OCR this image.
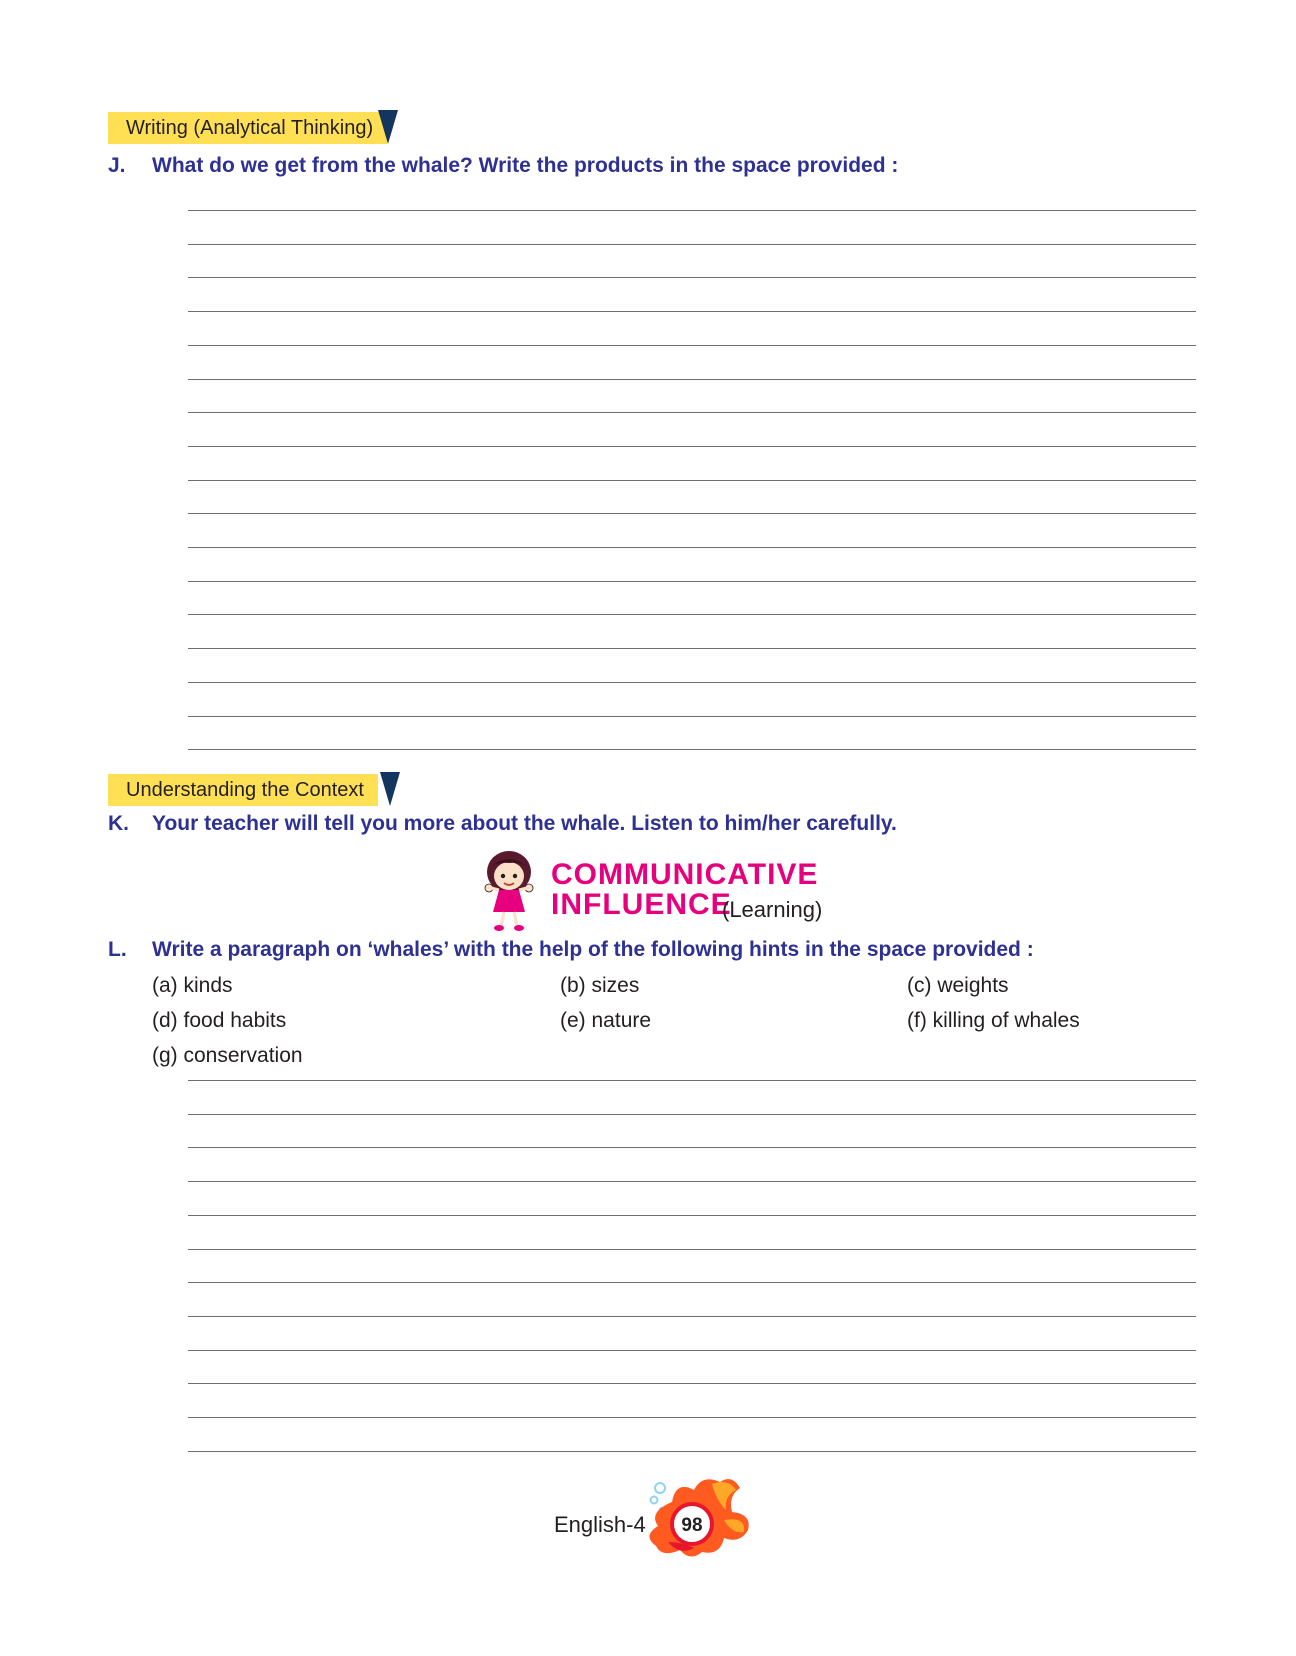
Writing (Analytical Thinking)
J. What do we get from the whale? Write the products in the space provided :
Understanding the Context
K. Your teacher will tell you more about the whale. Listen to him/her carefully.
COMMUNICATIVE
INFLUENCE
(Learning)
L. Write a paragraph on ‘whales’ with the help of the following hints in the space provided :
(a) kinds	(b) sizes	(c) weights
(d) food habits	(e) nature	(f) killing of whales
(g) conservation
English-4 98
